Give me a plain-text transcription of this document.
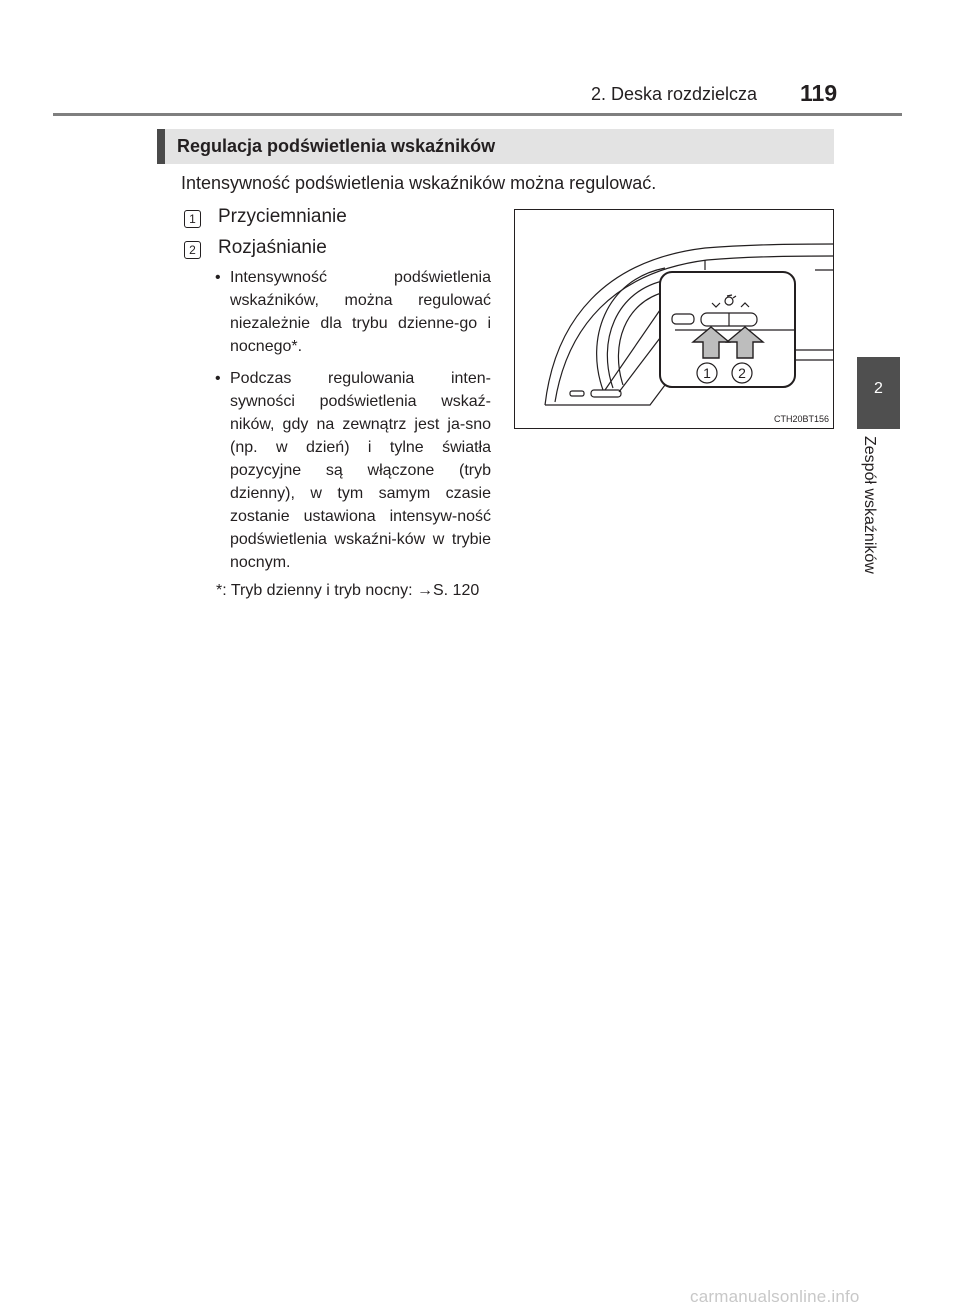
2. Deska rozdzielcza 119
2
Zespół wskaźników
Regulacja podświetlenia wskaźników
Intensywność podświetlenia wskaźników można regulować.
1 Przyciemnianie
2 Rozjaśnianie
• Intensywność podświetlenia wskaźników, można regulować niezależnie dla trybu dzienne-go i nocnego*.
• Podczas regulowania inten-sywności podświetlenia wskaź-ników, gdy na zewnątrz jest ja-sno (np. w dzień) i tylne światła pozycyjne są włączone (tryb dzienny), w tym samym czasie zostanie ustawiona intensyw-ność podświetlenia wskaźni-ków w trybie nocnym.
*: Tryb dzienny i tryb nocny: →S. 120
1 2
CTH20BT156
carmanualsonline.info
